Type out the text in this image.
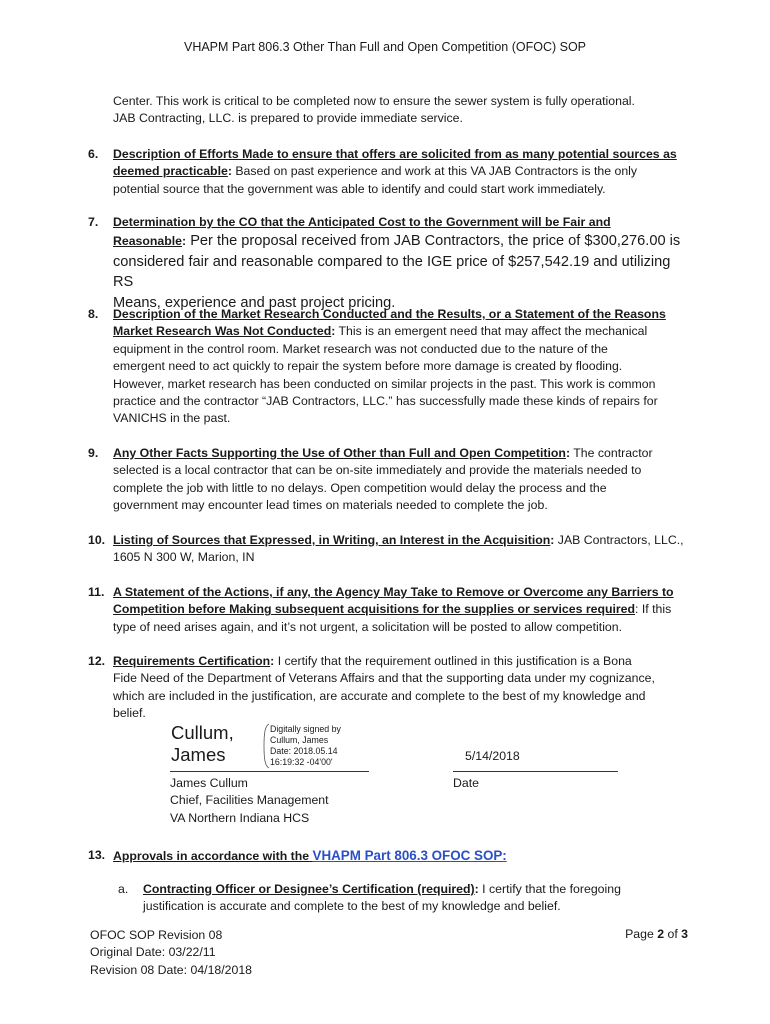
VHAPM Part 806.3 Other Than Full and Open Competition (OFOC) SOP
Center. This work is critical to be completed now to ensure the sewer system is fully operational.
JAB Contracting, LLC. is prepared to provide immediate service.
6. Description of Efforts Made to ensure that offers are solicited from as many potential sources as
deemed practicable: Based on past experience and work at this VA JAB Contractors is the only
potential source that the government was able to identify and could start work immediately.
7. Determination by the CO that the Anticipated Cost to the Government will be Fair and
Reasonable: Per the proposal received from JAB Contractors, the price of $300,276.00 is
considered fair and reasonable compared to the IGE price of $257,542.19 and utilizing RS
Means, experience and past project pricing.
8. Description of the Market Research Conducted and the Results, or a Statement of the Reasons
Market Research Was Not Conducted: This is an emergent need that may affect the mechanical
equipment in the control room. Market research was not conducted due to the nature of the
emergent need to act quickly to repair the system before more damage is created by flooding.
However, market research has been conducted on similar projects in the past. This work is common
practice and the contractor “JAB Contractors, LLC.” has successfully made these kinds of repairs for
VANICHS in the past.
9. Any Other Facts Supporting the Use of Other than Full and Open Competition: The contractor
selected is a local contractor that can be on-site immediately and provide the materials needed to
complete the job with little to no delays. Open competition would delay the process and the
government may encounter lead times on materials needed to complete the job.
10. Listing of Sources that Expressed, in Writing, an Interest in the Acquisition: JAB Contractors, LLC.,
1605 N 300 W, Marion, IN
11. A Statement of the Actions, if any, the Agency May Take to Remove or Overcome any Barriers to
Competition before Making subsequent acquisitions for the supplies or services required: If this
type of need arises again, and it’s not urgent, a solicitation will be posted to allow competition.
12. Requirements Certification: I certify that the requirement outlined in this justification is a Bona
Fide Need of the Department of Veterans Affairs and that the supporting data under my cognizance,
which are included in the justification, are accurate and complete to the best of my knowledge and
belief.
Cullum,
James
Digitally signed by
Cullum, James
Date: 2018.05.14
16:19:32 -04'00'	5/14/2018
James Cullum
Chief, Facilities Management
VA Northern Indiana HCS
Date
13. Approvals in accordance with the VHAPM Part 806.3 OFOC SOP:
a. Contracting Officer or Designee’s Certification (required): I certify that the foregoing
justification is accurate and complete to the best of my knowledge and belief.
OFOC SOP Revision 08
Original Date: 03/22/11
Revision 08 Date: 04/18/2018
Page 2 of 3
